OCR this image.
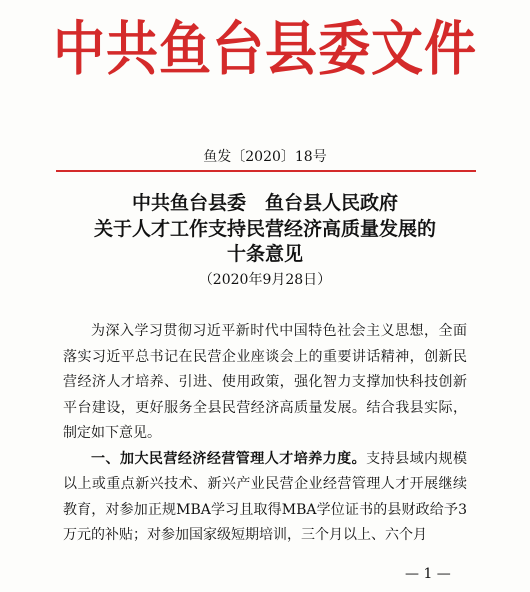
中共鱼台县委文件
鱼发〔2020〕18号
中共鱼台县委　鱼台县人民政府
关于人才工作支持民营经济高质量发展的
十条意见
（2020年9月28日）

为深入学习贯彻习近平新时代中国特色社会主义思想，全面落实习近平总书记在民营企业座谈会上的重要讲话精神，创新民营经济人才培养、引进、使用政策，强化智力支撑加快科技创新平台建设，更好服务全县民营经济高质量发展。结合我县实际，制定如下意见。

一、加大民营经济经营管理人才培养力度。支持县域内规模以上或重点新兴技术、新兴产业民营企业经营管理人才开展继续教育，对参加正规MBA学习且取得MBA学位证书的县财政给予3万元的补贴；对参加国家级短期培训，三个月以上、六个月

— 1 —
